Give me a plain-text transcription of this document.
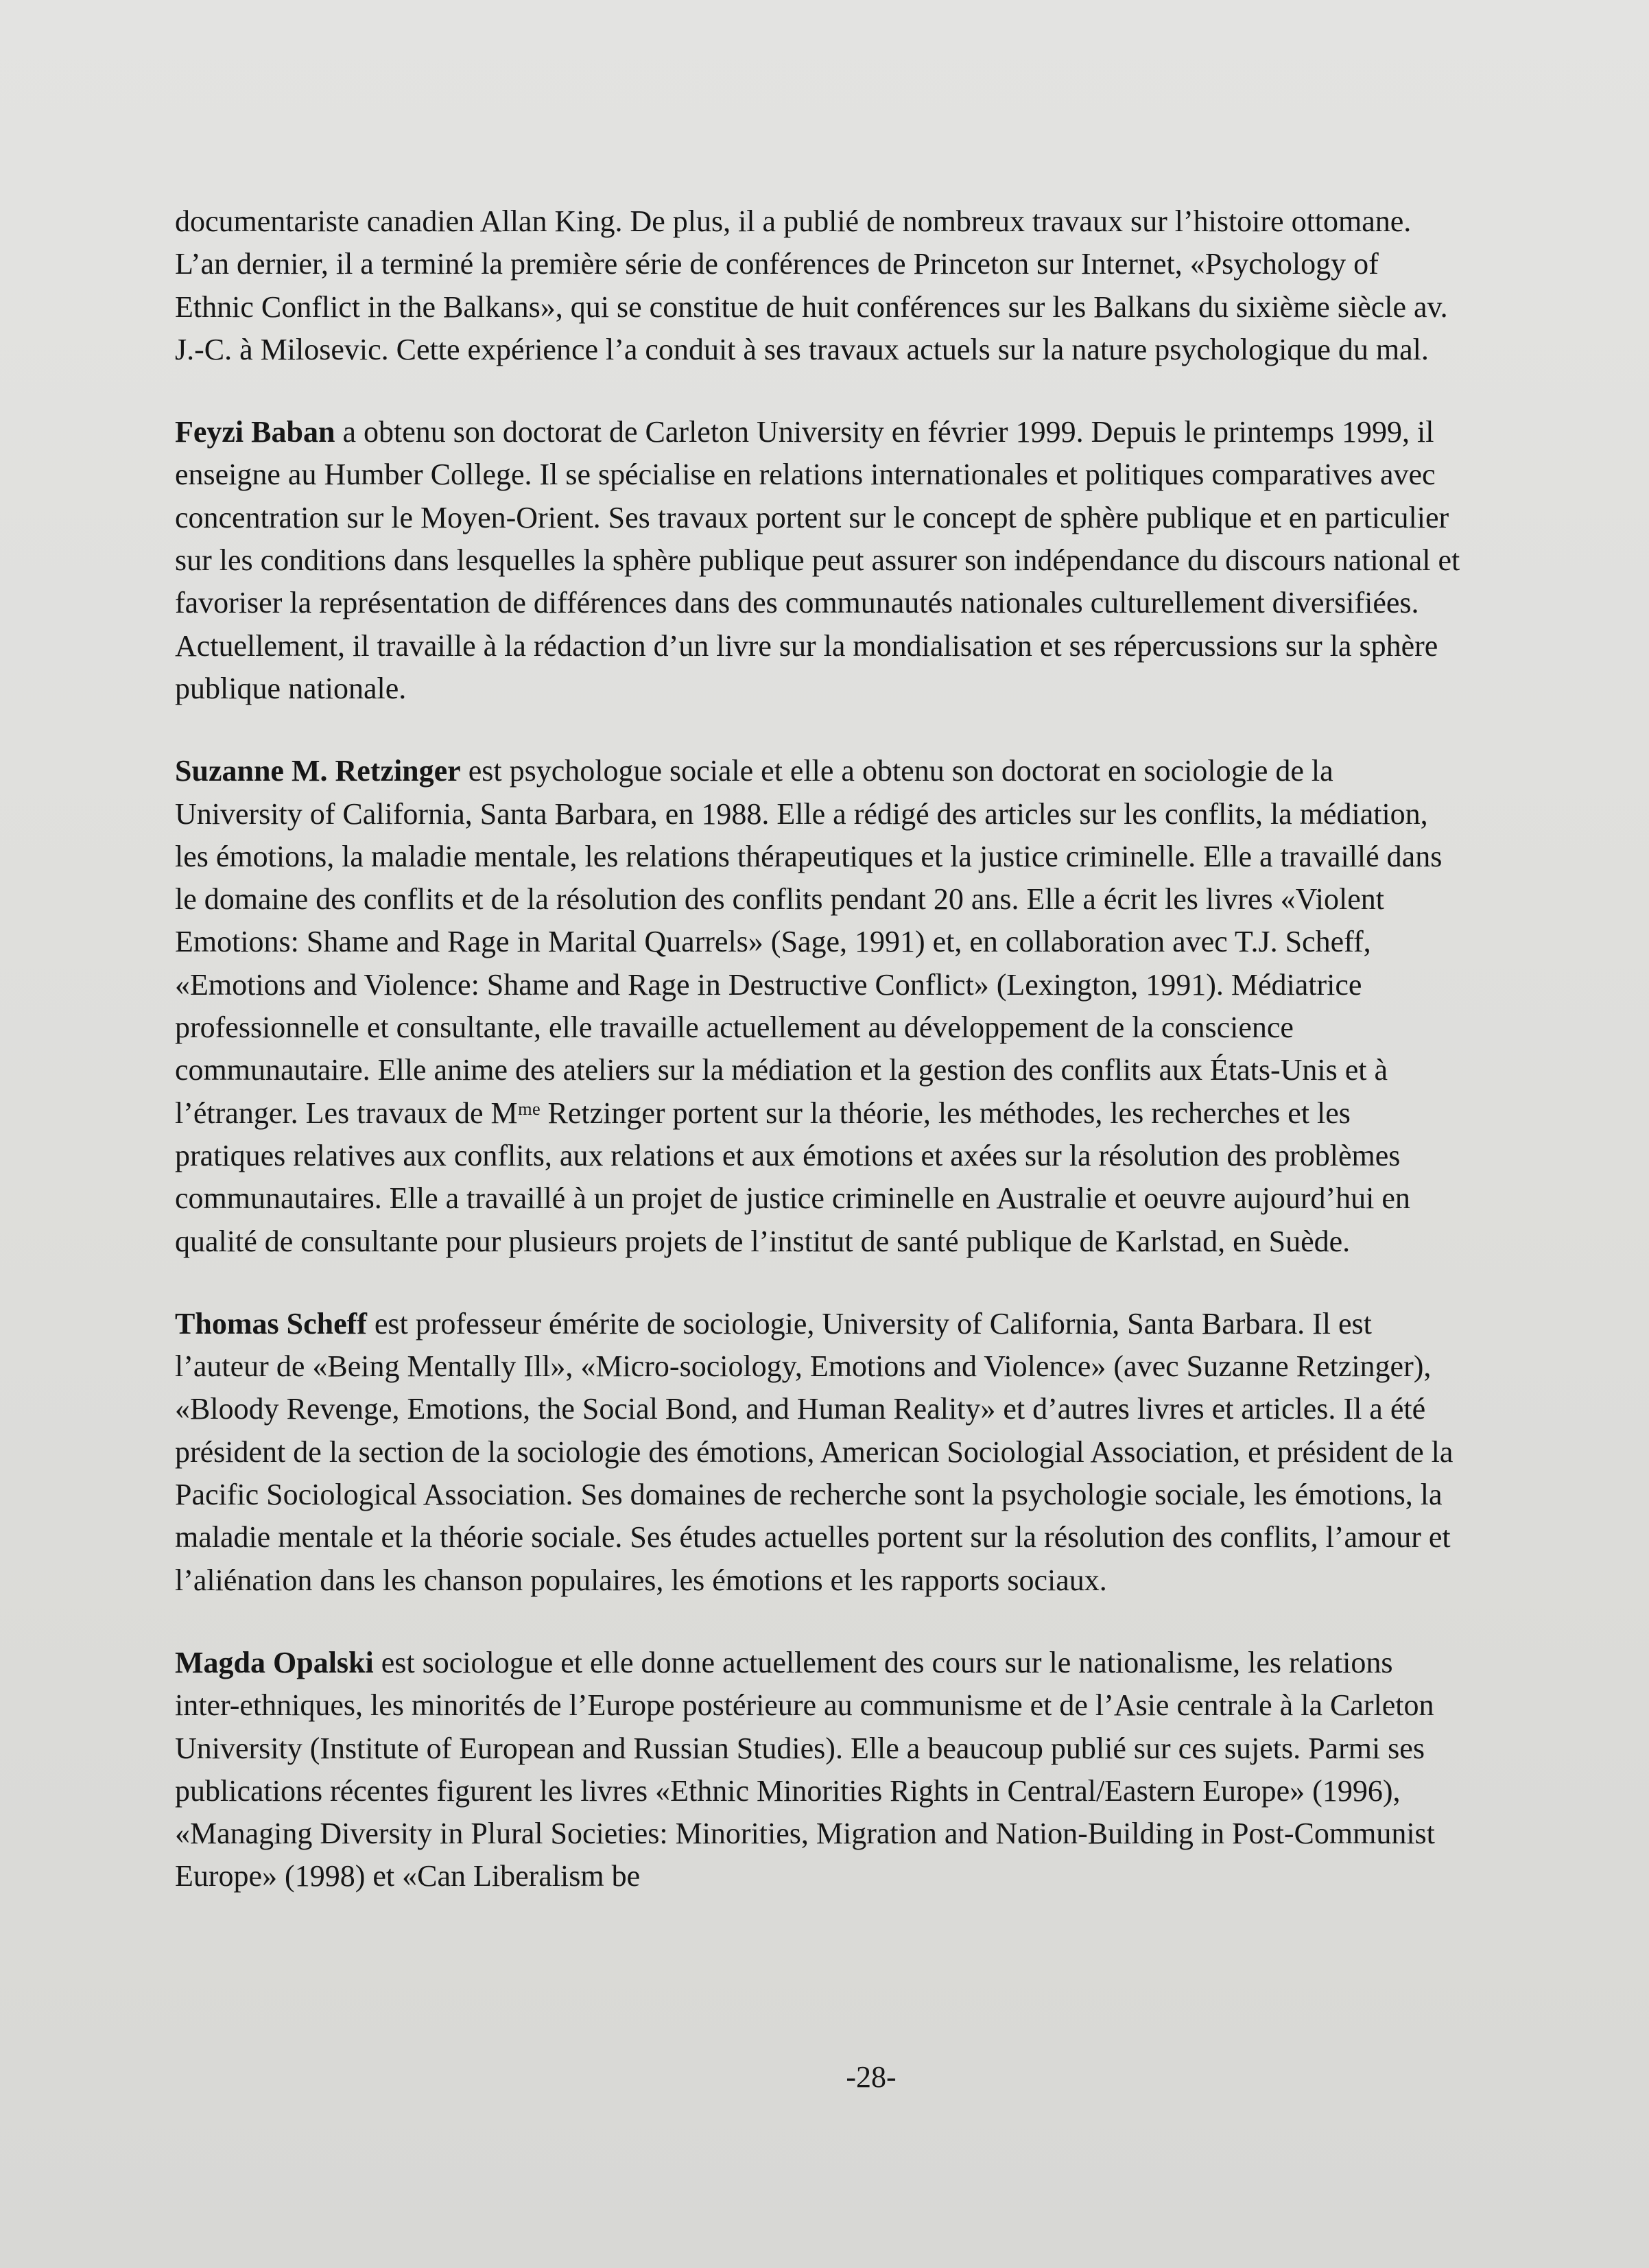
documentariste canadien Allan King. De plus, il a publié de nombreux travaux sur l’histoire ottomane. L’an dernier, il a terminé la première série de conférences de Princeton sur Internet, «Psychology of Ethnic Conflict in the Balkans», qui se constitue de huit conférences sur les Balkans du sixième siècle av. J.-C. à Milosevic. Cette expérience l’a conduit à ses travaux actuels sur la nature psychologique du mal.

Feyzi Baban a obtenu son doctorat de Carleton University en février 1999. Depuis le printemps 1999, il enseigne au Humber College. Il se spécialise en relations internationales et politiques comparatives avec concentration sur le Moyen-Orient. Ses travaux portent sur le concept de sphère publique et en particulier sur les conditions dans lesquelles la sphère publique peut assurer son indépendance du discours national et favoriser la représentation de différences dans des communautés nationales culturellement diversifiées. Actuellement, il travaille à la rédaction d’un livre sur la mondialisation et ses répercussions sur la sphère publique nationale.

Suzanne M. Retzinger est psychologue sociale et elle a obtenu son doctorat en sociologie de la University of California, Santa Barbara, en 1988. Elle a rédigé des articles sur les conflits, la médiation, les émotions, la maladie mentale, les relations thérapeutiques et la justice criminelle. Elle a travaillé dans le domaine des conflits et de la résolution des conflits pendant 20 ans. Elle a écrit les livres «Violent Emotions: Shame and Rage in Marital Quarrels» (Sage, 1991) et, en collaboration avec T.J. Scheff, «Emotions and Violence: Shame and Rage in Destructive Conflict» (Lexington, 1991). Médiatrice professionnelle et consultante, elle travaille actuellement au développement de la conscience communautaire. Elle anime des ateliers sur la médiation et la gestion des conflits aux États-Unis et à l’étranger. Les travaux de Mᵐᵉ Retzinger portent sur la théorie, les méthodes, les recherches et les pratiques relatives aux conflits, aux relations et aux émotions et axées sur la résolution des problèmes communautaires. Elle a travaillé à un projet de justice criminelle en Australie et oeuvre aujourd’hui en qualité de consultante pour plusieurs projets de l’institut de santé publique de Karlstad, en Suède.

Thomas Scheff est professeur émérite de sociologie, University of California, Santa Barbara. Il est l’auteur de «Being Mentally Ill», «Micro-sociology, Emotions and Violence» (avec Suzanne Retzinger), «Bloody Revenge, Emotions, the Social Bond, and Human Reality» et d’autres livres et articles. Il a été président de la section de la sociologie des émotions, American Sociologial Association, et président de la Pacific Sociological Association. Ses domaines de recherche sont la psychologie sociale, les émotions, la maladie mentale et la théorie sociale. Ses études actuelles portent sur la résolution des conflits, l’amour et l’aliénation dans les chanson populaires, les émotions et les rapports sociaux.

Magda Opalski est sociologue et elle donne actuellement des cours sur le nationalisme, les relations inter-ethniques, les minorités de l’Europe postérieure au communisme et de l’Asie centrale à la Carleton University (Institute of European and Russian Studies). Elle a beaucoup publié sur ces sujets. Parmi ses publications récentes figurent les livres «Ethnic Minorities Rights in Central/Eastern Europe» (1996), «Managing Diversity in Plural Societies: Minorities, Migration and Nation-Building in Post-Communist Europe» (1998) et «Can Liberalism be

-28-
